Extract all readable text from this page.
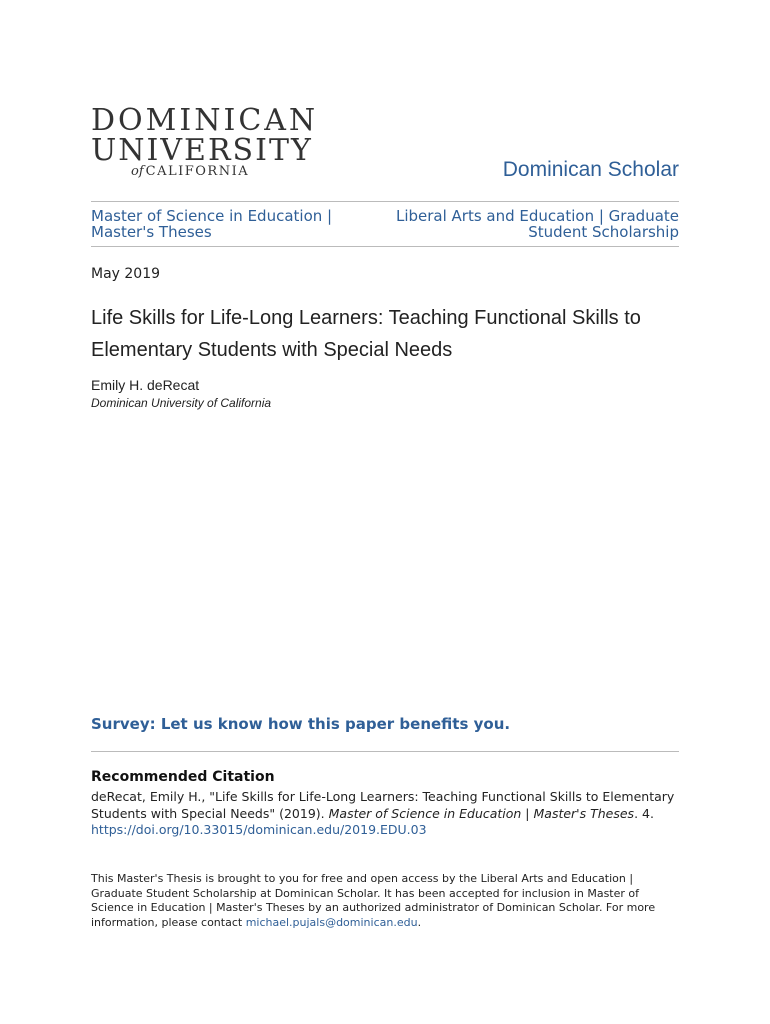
DOMINICAN
UNIVERSITY
of CALIFORNIA	Dominican Scholar
Master of Science in Education |
Master's Theses
Liberal Arts and Education | Graduate
Student Scholarship
May 2019
Life Skills for Life-Long Learners: Teaching Functional Skills to
Elementary Students with Special Needs
Emily H. deRecat
Dominican University of California
Survey: Let us know how this paper benefits you.
Recommended Citation
deRecat, Emily H., "Life Skills for Life-Long Learners: Teaching Functional Skills to Elementary Students with Special Needs" (2019). Master of Science in Education | Master's Theses. 4.
https://doi.org/10.33015/dominican.edu/2019.EDU.03
This Master's Thesis is brought to you for free and open access by the Liberal Arts and Education | Graduate Student Scholarship at Dominican Scholar. It has been accepted for inclusion in Master of Science in Education | Master's Theses by an authorized administrator of Dominican Scholar. For more information, please contact michael.pujals@dominican.edu.
